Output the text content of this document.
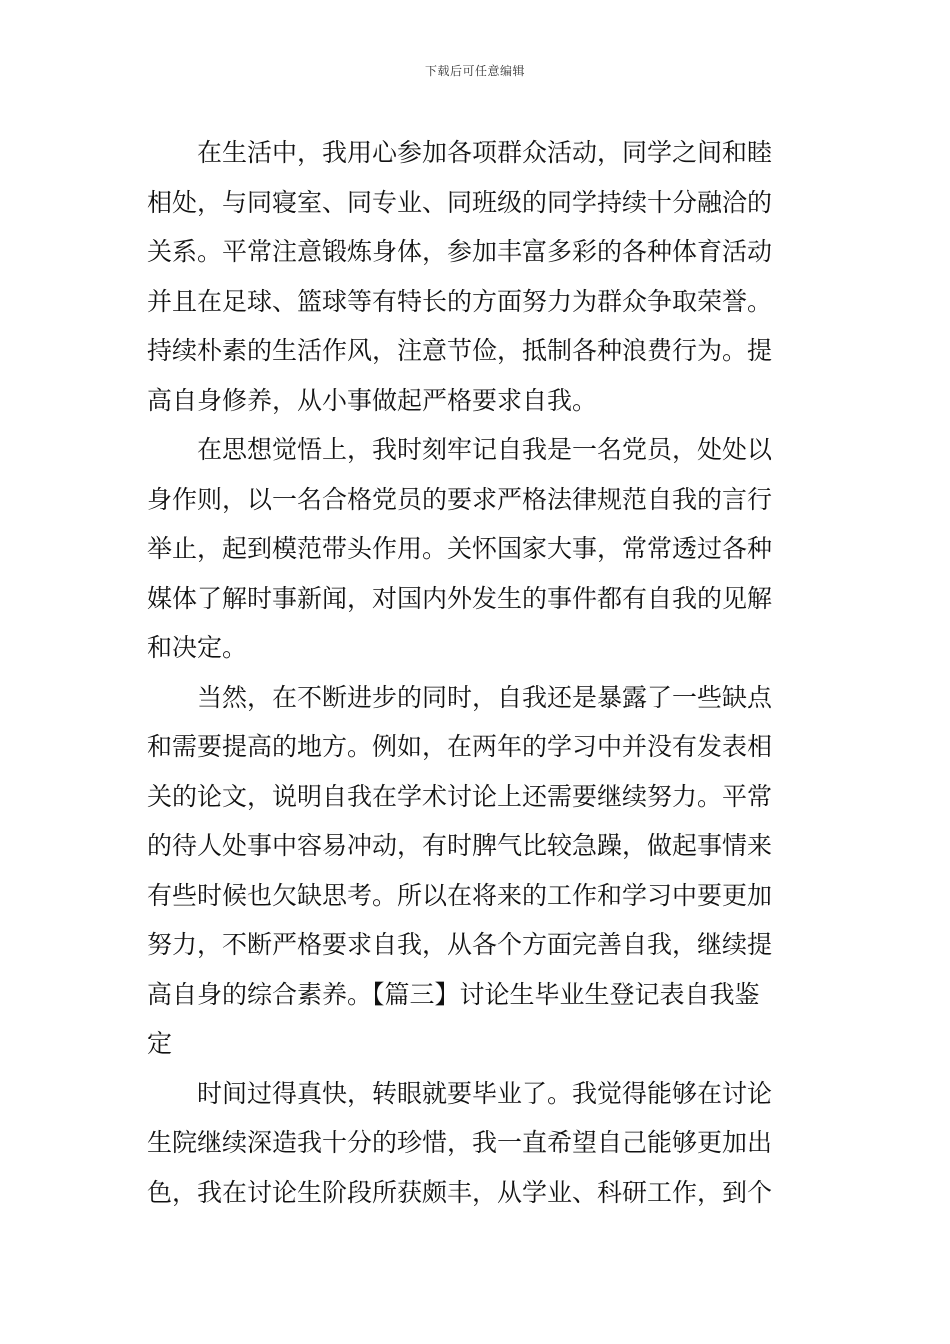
下载后可任意编辑

在生活中，我用心参加各项群众活动，同学之间和睦
相处，与同寝室、同专业、同班级的同学持续十分融洽的
关系。平常注意锻炼身体，参加丰富多彩的各种体育活动
并且在足球、篮球等有特长的方面努力为群众争取荣誉。
持续朴素的生活作风，注意节俭，抵制各种浪费行为。提
高自身修养，从小事做起严格要求自我。

在思想觉悟上，我时刻牢记自我是一名党员，处处以
身作则，以一名合格党员的要求严格法律规范自我的言行
举止，起到模范带头作用。关怀国家大事，常常透过各种
媒体了解时事新闻，对国内外发生的事件都有自我的见解
和决定。

当然，在不断进步的同时，自我还是暴露了一些缺点
和需要提高的地方。例如，在两年的学习中并没有发表相
关的论文，说明自我在学术讨论上还需要继续努力。平常
的待人处事中容易冲动，有时脾气比较急躁，做起事情来
有些时候也欠缺思考。所以在将来的工作和学习中要更加
努力，不断严格要求自我，从各个方面完善自我，继续提
高自身的综合素养。【篇三】讨论生毕业生登记表自我鉴
定

时间过得真快，转眼就要毕业了。我觉得能够在讨论
生院继续深造我十分的珍惜，我一直希望自己能够更加出
色，我在讨论生阶段所获颇丰，从学业、科研工作，到个
